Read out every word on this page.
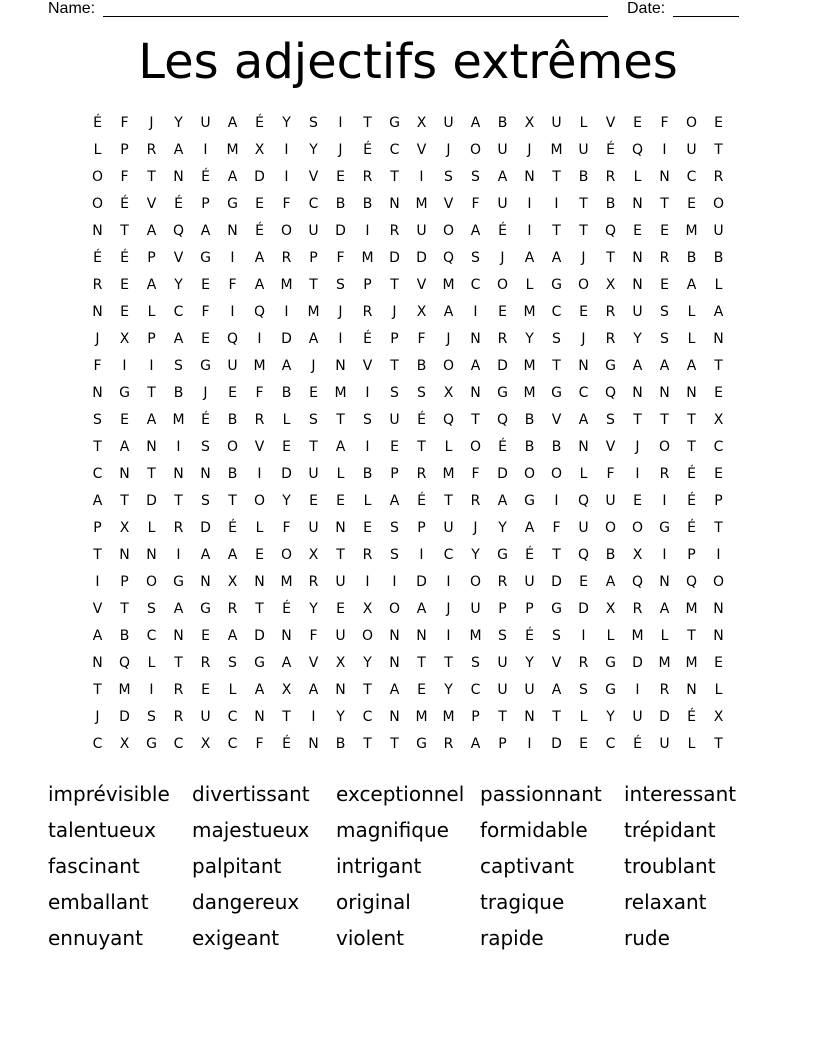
Name:	Date:
Les adjectifs extrêmes
É	F	J	Y	U	A	É	Y	S	I	T	G	X	U	A	B	X	U	L	V	E	F	O	E
L	P	R	A	I	M	X	I	Y	J	É	C	V	J	O	U	J	M	U	É	Q	I	U	T
O	F	T	N	É	A	D	I	V	E	R	T	I	S	S	A	N	T	B	R	L	N	C	R
O	É	V	É	P	G	E	F	C	B	B	N	M	V	F	U	I	I	T	B	N	T	E	O
N	T	A	Q	A	N	É	O	U	D	I	R	U	O	A	É	I	T	T	Q	E	E	M	U
É	É	P	V	G	I	A	R	P	F	M	D	D	Q	S	J	A	A	J	T	N	R	B	B
R	E	A	Y	E	F	A	M	T	S	P	T	V	M	C	O	L	G	O	X	N	E	A	L
N	E	L	C	F	I	Q	I	M	J	R	J	X	A	I	E	M	C	E	R	U	S	L	A
J	X	P	A	E	Q	I	D	A	I	É	P	F	J	N	R	Y	S	J	R	Y	S	L	N
F	I	I	S	G	U	M	A	J	N	V	T	B	O	A	D	M	T	N	G	A	A	A	T
N	G	T	B	J	E	F	B	E	M	I	S	S	X	N	G	M	G	C	Q	N	N	N	E
S	E	A	M	É	B	R	L	S	T	S	U	É	Q	T	Q	B	V	A	S	T	T	T	X
T	A	N	I	S	O	V	E	T	A	I	E	T	L	O	É	B	B	N	V	J	O	T	C
C	N	T	N	N	B	I	D	U	L	B	P	R	M	F	D	O	O	L	F	I	R	É	E
A	T	D	T	S	T	O	Y	E	E	L	A	É	T	R	A	G	I	Q	U	E	I	É	P
P	X	L	R	D	É	L	F	U	N	E	S	P	U	J	Y	A	F	U	O	O	G	É	T
T	N	N	I	A	A	E	O	X	T	R	S	I	C	Y	G	É	T	Q	B	X	I	P	I
I	P	O	G	N	X	N	M	R	U	I	I	D	I	O	R	U	D	E	A	Q	N	Q	O
V	T	S	A	G	R	T	É	Y	E	X	O	A	J	U	P	P	G	D	X	R	A	M	N
A	B	C	N	E	A	D	N	F	U	O	N	N	I	M	S	É	S	I	L	M	L	T	N
N	Q	L	T	R	S	G	A	V	X	Y	N	T	T	S	U	Y	V	R	G	D	M	M	E
T	M	I	R	E	L	A	X	A	N	T	A	E	Y	C	U	U	A	S	G	I	R	N	L
J	D	S	R	U	C	N	T	I	Y	C	N	M	M	P	T	N	T	L	Y	U	D	É	X
C	X	G	C	X	C	F	É	N	B	T	T	G	R	A	P	I	D	E	C	É	U	L	T
imprévisible divertissant exceptionnel passionnant interessant
talentueux majestueux magnifique formidable trépidant
fascinant	palpitant	intrigant	captivant	troublant
emballant dangereux original	tragique	relaxant
ennuyant exigeant	violent	rapide	rude
